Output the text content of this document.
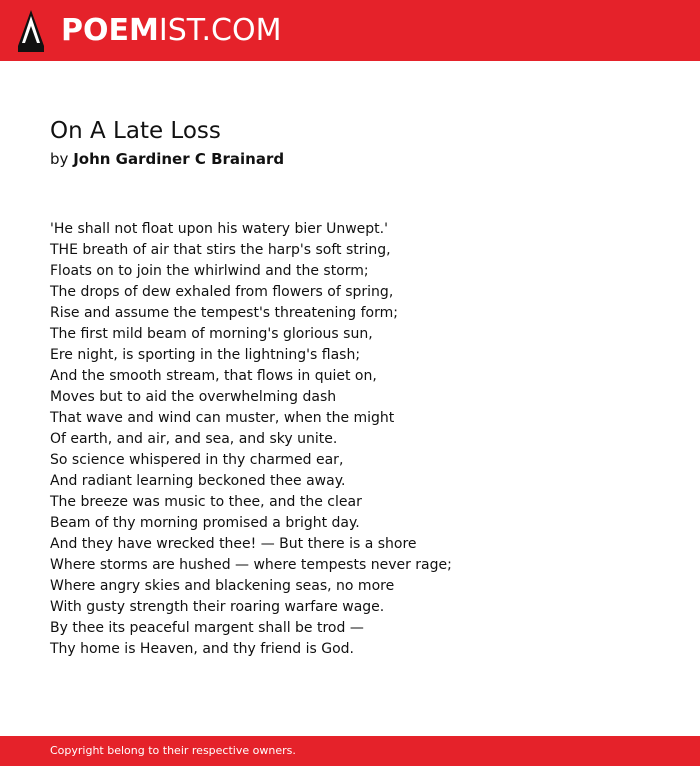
POEMIST.COM
On A Late Loss
by John Gardiner C Brainard
'He shall not float upon his watery bier Unwept.'
THE breath of air that stirs the harp's soft string,
Floats on to join the whirlwind and the storm;
The drops of dew exhaled from flowers of spring,
Rise and assume the tempest's threatening form;
The first mild beam of morning's glorious sun,
Ere night, is sporting in the lightning's flash;
And the smooth stream, that flows in quiet on,
Moves but to aid the overwhelming dash
That wave and wind can muster, when the might
Of earth, and air, and sea, and sky unite.
So science whispered in thy charmed ear,
And radiant learning beckoned thee away.
The breeze was music to thee, and the clear
Beam of thy morning promised a bright day.
And they have wrecked thee! — But there is a shore
Where storms are hushed — where tempests never rage;
Where angry skies and blackening seas, no more
With gusty strength their roaring warfare wage.
By thee its peaceful margent shall be trod —
Thy home is Heaven, and thy friend is God.
Copyright belong to their respective owners.
